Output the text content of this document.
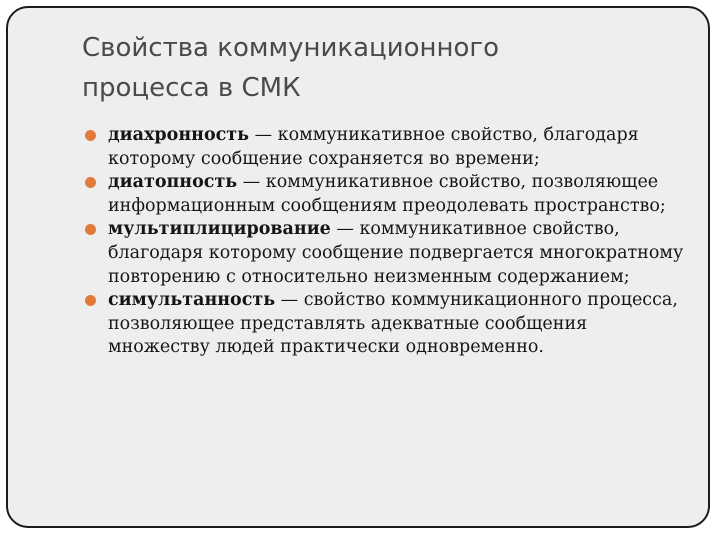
Свойства коммуникационного
процесса в СМК
диахронность — коммуникативное свойство, благодаря которому сообщение сохраняется во времени;
диатопность — коммуникативное свойство, позволяющее информационным сообщениям преодолевать пространство;
мультиплицирование — коммуникативное свойство, благодаря которому сообщение подвергается многократному повторению с относительно неизменным содержанием;
симультанность — свойство коммуникационного процесса, позволяющее представлять адекватные сообщения множеству людей практически одновременно.
